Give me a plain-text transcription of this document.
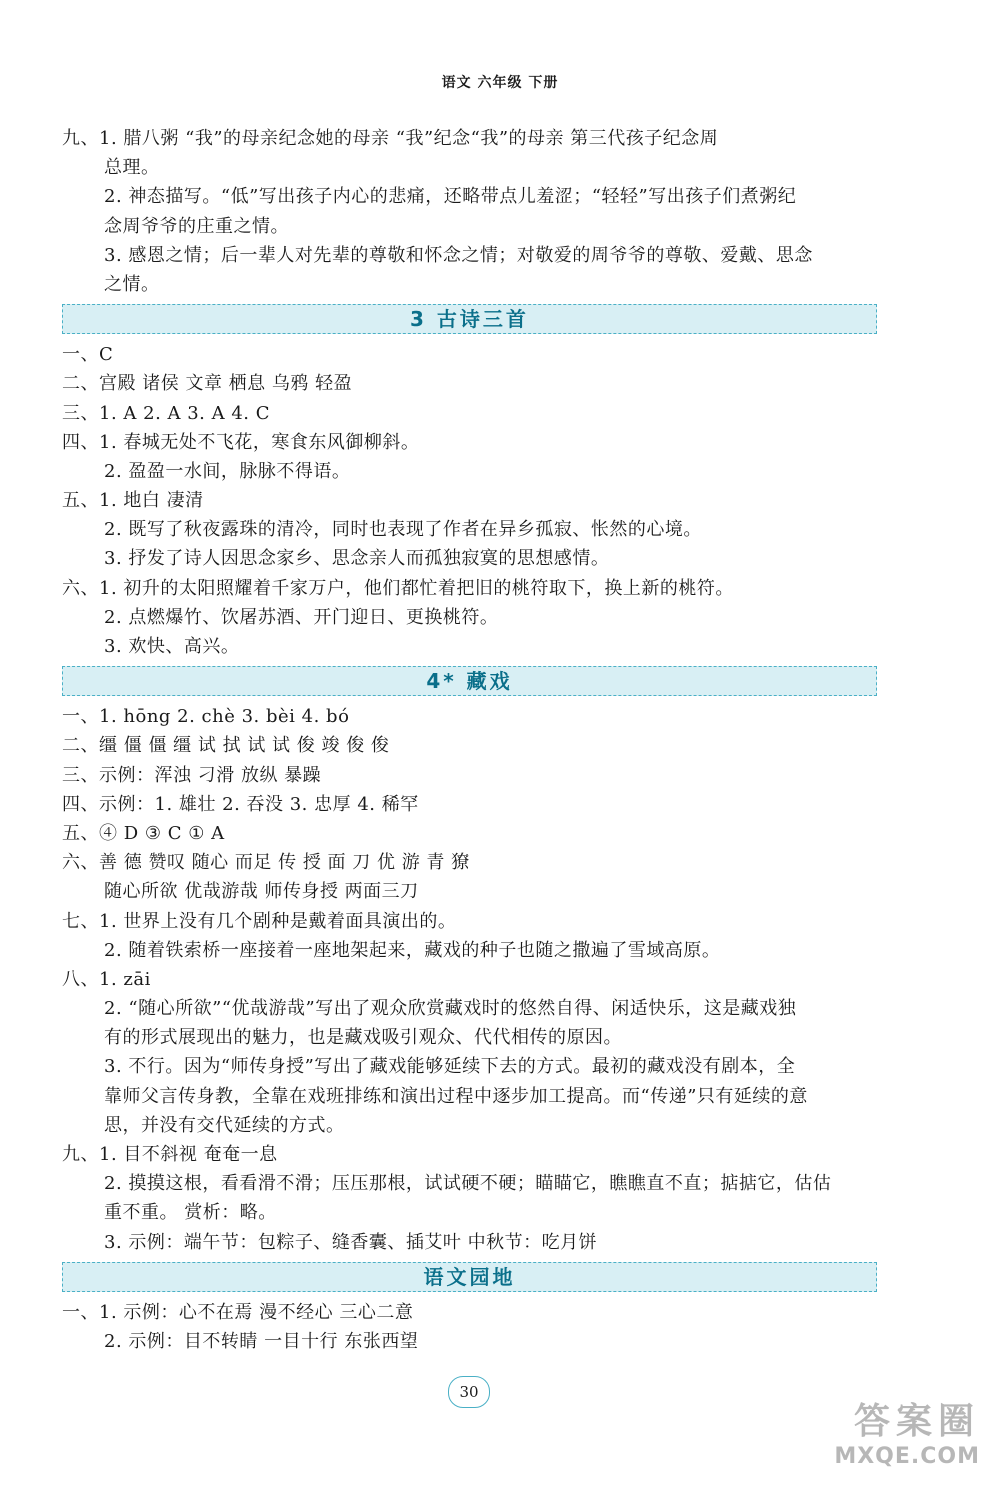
语文 六年级 下册
九、1. 腊八粥 “我”的母亲纪念她的母亲 “我”纪念“我”的母亲 第三代孩子纪念周
总理。
2. 神态描写。“低”写出孩子内心的悲痛，还略带点儿羞涩；“轻轻”写出孩子们煮粥纪
念周爷爷的庄重之情。
3. 感恩之情；后一辈人对先辈的尊敬和怀念之情；对敬爱的周爷爷的尊敬、爱戴、思念
之情。
3 古诗三首
一、C
二、宫殿 诸侯 文章 栖息 乌鸦 轻盈
三、1. A 2. A 3. A 4. C
四、1. 春城无处不飞花，寒食东风御柳斜。
2. 盈盈一水间，脉脉不得语。
五、1. 地白 凄清
2. 既写了秋夜露珠的清冷，同时也表现了作者在异乡孤寂、怅然的心境。
3. 抒发了诗人因思念家乡、思念亲人而孤独寂寞的思想感情。
六、1. 初升的太阳照耀着千家万户，他们都忙着把旧的桃符取下，换上新的桃符。
2. 点燃爆竹、饮屠苏酒、开门迎日、更换桃符。
3. 欢快、高兴。
4* 藏戏
一、1. hōng 2. chè 3. bèi 4. bó
二、缰 僵 僵 缰 试 拭 试 试 俊 竣 俊 俊
三、示例：浑浊 刁滑 放纵 暴躁
四、示例：1. 雄壮 2. 吞没 3. 忠厚 4. 稀罕
五、④ D ③ C ① A
六、善 德 赞叹 随心 而足 传 授 面 刀 优 游 青 獠
随心所欲 优哉游哉 师传身授 两面三刀
七、1. 世界上没有几个剧种是戴着面具演出的。
2. 随着铁索桥一座接着一座地架起来，藏戏的种子也随之撒遍了雪域高原。
八、1. zāi
2. “随心所欲”“优哉游哉”写出了观众欣赏藏戏时的悠然自得、闲适快乐，这是藏戏独
有的形式展现出的魅力，也是藏戏吸引观众、代代相传的原因。
3. 不行。因为“师传身授”写出了藏戏能够延续下去的方式。最初的藏戏没有剧本，全
靠师父言传身教，全靠在戏班排练和演出过程中逐步加工提高。而“传递”只有延续的意
思，并没有交代延续的方式。
九、1. 目不斜视 奄奄一息
2. 摸摸这根，看看滑不滑；压压那根，试试硬不硬；瞄瞄它，瞧瞧直不直；掂掂它，估估
重不重。 赏析：略。
3. 示例：端午节：包粽子、缝香囊、插艾叶 中秋节：吃月饼
语文园地
一、1. 示例：心不在焉 漫不经心 三心二意
2. 示例：目不转睛 一目十行 东张西望
30
答案圈
MXQE.COM
